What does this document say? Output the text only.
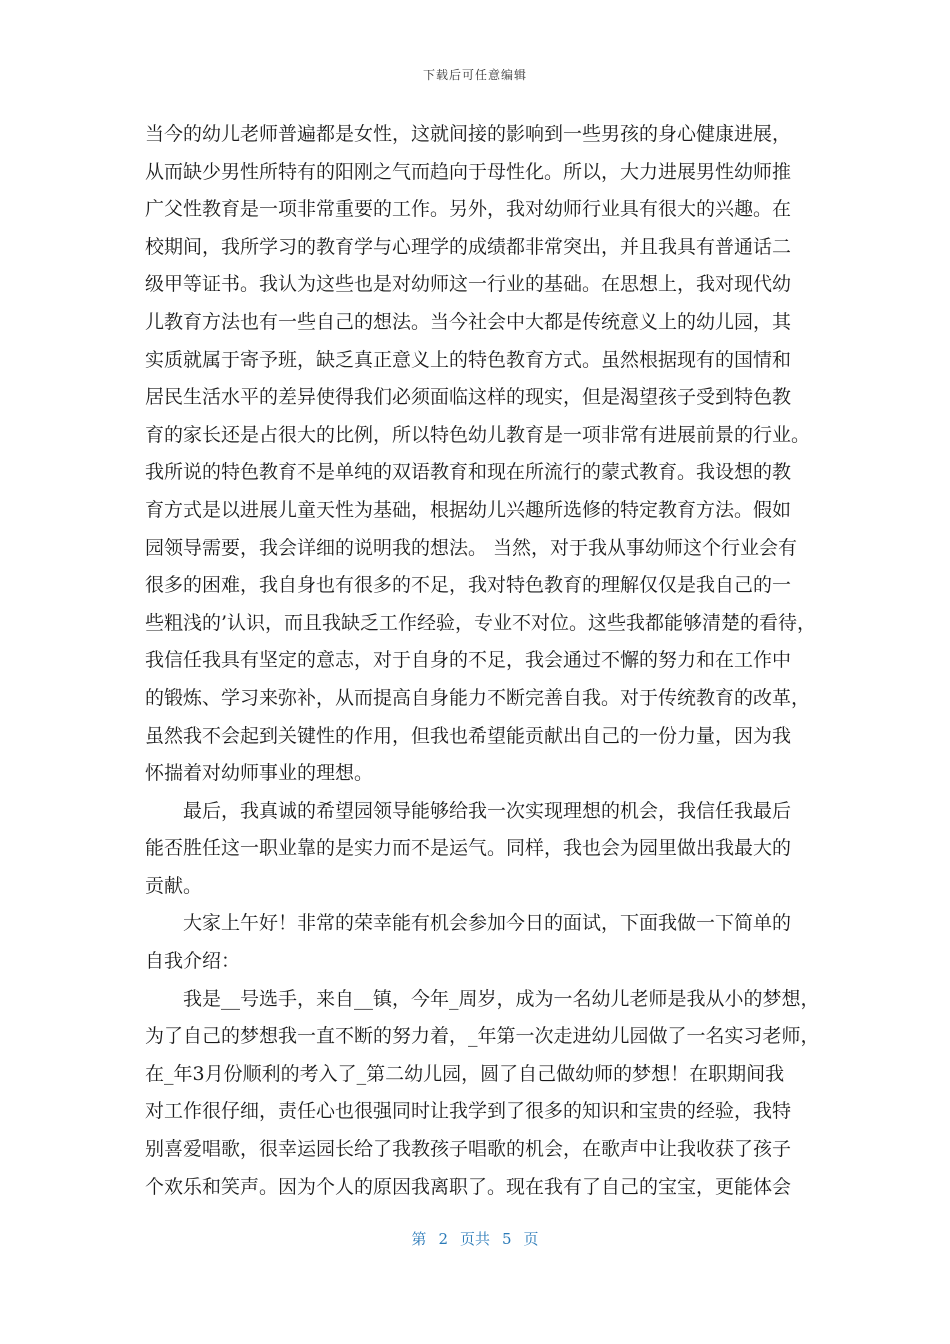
下载后可任意编辑
当今的幼儿老师普遍都是女性，这就间接的影响到一些男孩的身心健康进展，
从而缺少男性所特有的阳刚之气而趋向于母性化。所以，大力进展男性幼师推
广父性教育是一项非常重要的工作。另外，我对幼师行业具有很大的兴趣。在
校期间，我所学习的教育学与心理学的成绩都非常突出，并且我具有普通话二
级甲等证书。我认为这些也是对幼师这一行业的基础。在思想上，我对现代幼
儿教育方法也有一些自己的想法。当今社会中大都是传统意义上的幼儿园，其
实质就属于寄予班，缺乏真正意义上的特色教育方式。虽然根据现有的国情和
居民生活水平的差异使得我们必须面临这样的现实，但是渴望孩子受到特色教
育的家长还是占很大的比例，所以特色幼儿教育是一项非常有进展前景的行业。
我所说的特色教育不是单纯的双语教育和现在所流行的蒙式教育。我设想的教
育方式是以进展儿童天性为基础，根据幼儿兴趣所选修的特定教育方法。假如
园领导需要，我会详细的说明我的想法。 当然，对于我从事幼师这个行业会有
很多的困难，我自身也有很多的不足，我对特色教育的理解仅仅是我自己的一
些粗浅的’认识，而且我缺乏工作经验，专业不对位。这些我都能够清楚的看待，
我信任我具有坚定的意志，对于自身的不足，我会通过不懈的努力和在工作中
的锻炼、学习来弥补，从而提高自身能力不断完善自我。对于传统教育的改革，
虽然我不会起到关键性的作用，但我也希望能贡献出自己的一份力量，因为我
怀揣着对幼师事业的理想。
最后，我真诚的希望园领导能够给我一次实现理想的机会，我信任我最后
能否胜任这一职业靠的是实力而不是运气。同样，我也会为园里做出我最大的
贡献。
大家上午好！非常的荣幸能有机会参加今日的面试，下面我做一下简单的
自我介绍：
我是__号选手，来自__镇，今年_周岁，成为一名幼儿老师是我从小的梦想，
为了自己的梦想我一直不断的努力着，_年第一次走进幼儿园做了一名实习老师，
在_年3月份顺利的考入了_第二幼儿园，圆了自己做幼师的梦想！在职期间我
对工作很仔细，责任心也很强同时让我学到了很多的知识和宝贵的经验，我特
别喜爱唱歌，很幸运园长给了我教孩子唱歌的机会，在歌声中让我收获了孩子
个欢乐和笑声。因为个人的原因我离职了。现在我有了自己的宝宝，更能体会
第 2 页共 5 页
